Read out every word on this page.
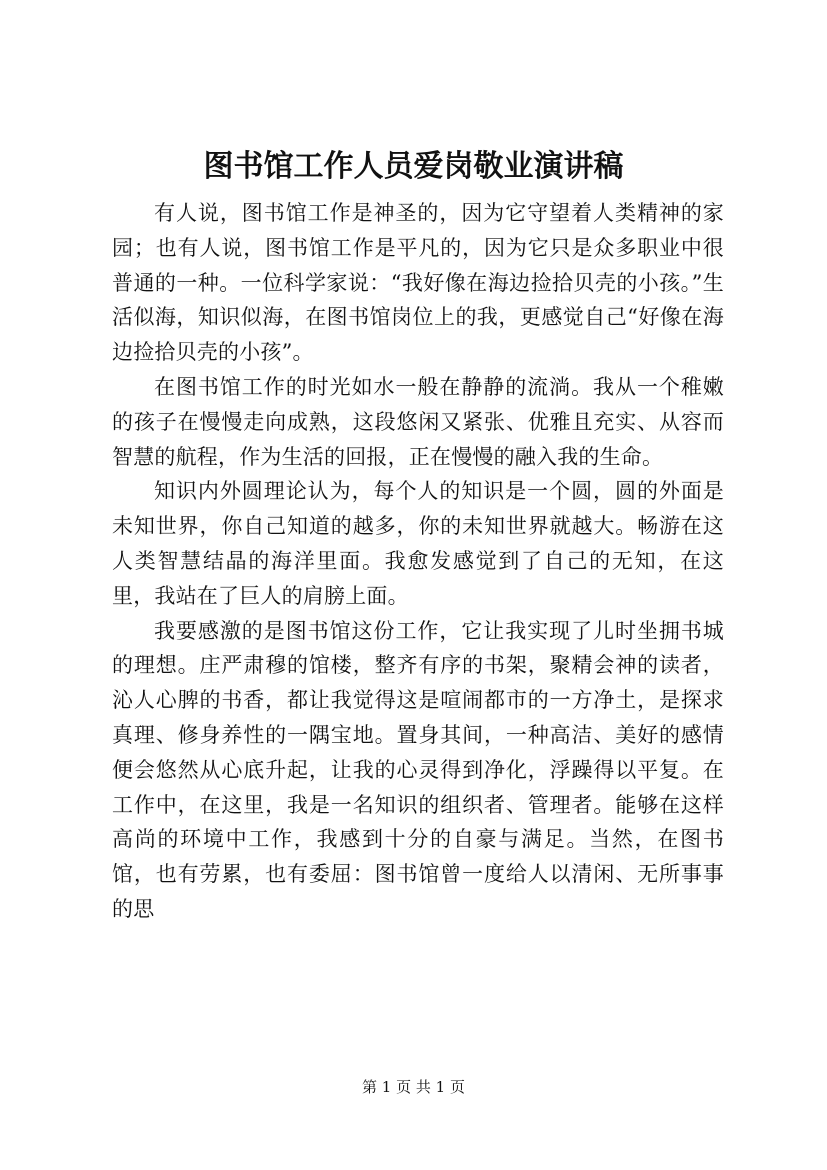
图书馆工作人员爱岗敬业演讲稿

有人说，图书馆工作是神圣的，因为它守望着人类精神的家园；也有人说，图书馆工作是平凡的，因为它只是众多职业中很普通的一种。一位科学家说：“我好像在海边捡拾贝壳的小孩。”生活似海，知识似海，在图书馆岗位上的我，更感觉自己“好像在海边捡拾贝壳的小孩”。

在图书馆工作的时光如水一般在静静的流淌。我从一个稚嫩的孩子在慢慢走向成熟，这段悠闲又紧张、优雅且充实、从容而智慧的航程，作为生活的回报，正在慢慢的融入我的生命。

知识内外圆理论认为，每个人的知识是一个圆，圆的外面是未知世界，你自己知道的越多，你的未知世界就越大。畅游在这人类智慧结晶的海洋里面。我愈发感觉到了自己的无知，在这里，我站在了巨人的肩膀上面。

我要感激的是图书馆这份工作，它让我实现了儿时坐拥书城的理想。庄严肃穆的馆楼，整齐有序的书架，聚精会神的读者，沁人心脾的书香，都让我觉得这是喧闹都市的一方净土，是探求真理、修身养性的一隅宝地。置身其间，一种高洁、美好的感情便会悠然从心底升起，让我的心灵得到净化，浮躁得以平复。在工作中，在这里，我是一名知识的组织者、管理者。能够在这样高尚的环境中工作，我感到十分的自豪与满足。当然，在图书馆，也有劳累，也有委屈：图书馆曾一度给人以清闲、无所事事的思

第 1 页 共 1 页
